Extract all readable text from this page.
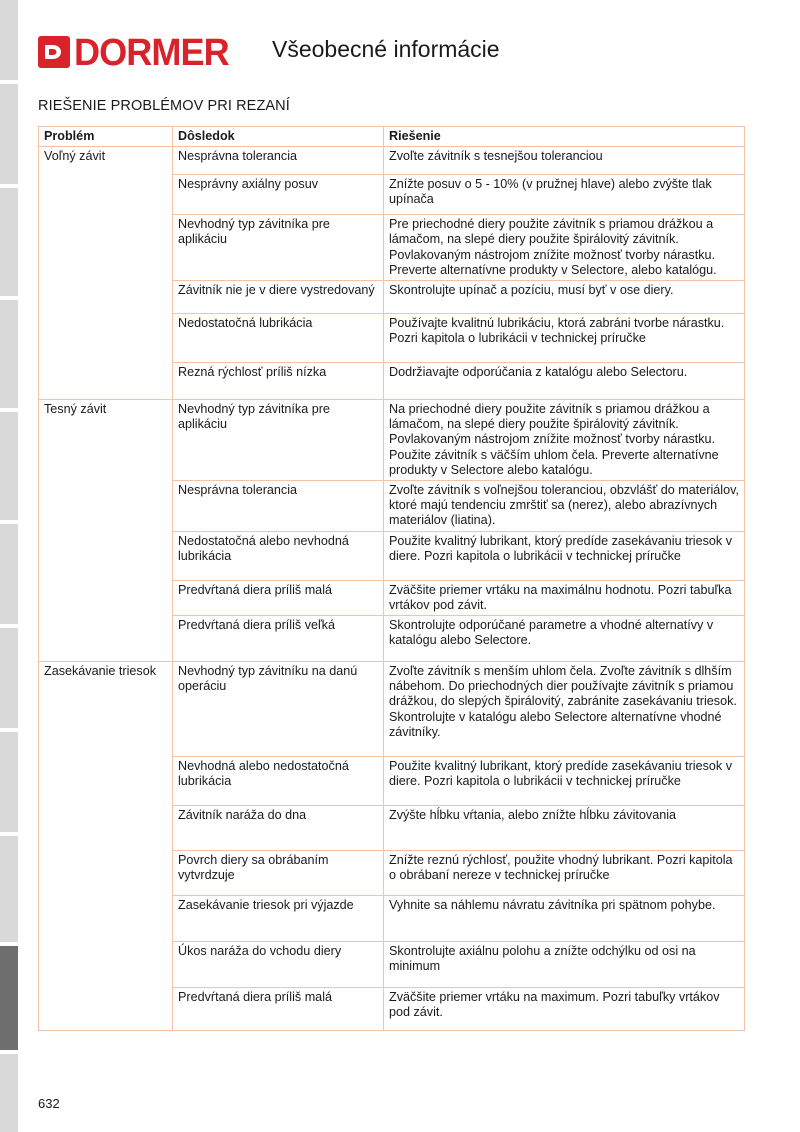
DORMER Všeobecné informácie
RIEŠENIE PROBLÉMOV PRI REZANÍ
Problém	Dôsledok	Riešenie
Voľný závit	Nesprávna tolerancia	Zvoľte závitník s tesnejšou toleranciou
	Nesprávny axiálny posuv	Znížte posuv o 5 - 10% (v pružnej hlave) alebo zvýšte tlak upínača
	Nevhodný typ závitníka pre aplikáciu	Pre priechodné diery použite závitník s priamou drážkou a lámačom, na slepé diery použite špirálovitý závitník. Povlakovaným nástrojom znížite možnosť tvorby nárastku. Preverte alternatívne produkty v Selectore, alebo katalógu.
	Závitník nie je v diere vystredovaný	Skontrolujte upínač a pozíciu, musí byť v ose diery.
	Nedostatočná lubrikácia	Používajte kvalitnú lubrikáciu, ktorá zabráni tvorbe nárastku. Pozri kapitola o lubrikácii v technickej príručke
	Rezná rýchlosť príliš nízka	Dodržiavajte odporúčania z katalógu alebo Selectoru.
Tesný závit	Nevhodný typ závitníka pre aplikáciu	Na priechodné diery použite závitník s priamou drážkou a lámačom, na slepé diery použite špirálovitý závitník. Povlakovaným nástrojom znížite možnosť tvorby nárastku. Použite závitník s väčším uhlom čela. Preverte alternatívne produkty v Selectore alebo katalógu.
	Nesprávna tolerancia	Zvoľte závitník s voľnejšou toleranciou, obzvlášť do materiálov, ktoré majú tendenciu zmrštiť sa (nerez), alebo abrazívnych materiálov (liatina).
	Nedostatočná alebo nevhodná lubrikácia	Použite kvalitný lubrikant, ktorý predíde zasekávaniu triesok v diere. Pozri kapitola o lubrikácii v technickej príručke
	Predvŕtaná diera príliš malá	Zväčšite priemer vrtáku na maximálnu hodnotu. Pozri tabuľka vrtákov pod závit.
	Predvŕtaná diera príliš veľká	Skontrolujte odporúčané parametre a vhodné alternatívy v katalógu alebo Selectore.
Zasekávanie triesok	Nevhodný typ závitníku na danú operáciu	Zvoľte závitník s menším uhlom čela. Zvoľte závitník s dlhším nábehom. Do priechodných dier používajte závitník s priamou drážkou, do slepých špirálovitý, zabránite zasekávaniu triesok. Skontrolujte v katalógu alebo Selectore alternatívne vhodné závitníky.
	Nevhodná alebo nedostatočná lubrikácia	Použite kvalitný lubrikant, ktorý predíde zasekávaniu triesok v diere. Pozri kapitola o lubrikácii v technickej príručke
	Závitník naráža do dna	Zvýšte hĺbku vŕtania, alebo znížte hĺbku závitovania
	Povrch diery sa obrábaním vytvrdzuje	Znížte reznú rýchlosť, použite vhodný lubrikant. Pozri kapitola o obrábaní nereze v technickej príručke
	Zasekávanie triesok pri výjazde	Vyhnite sa náhlemu návratu závitníka pri spätnom pohybe.
	Úkos naráža do vchodu diery	Skontrolujte axiálnu polohu a znížte odchýlku od osi na minimum
	Predvŕtaná diera príliš malá	Zväčšite priemer vrtáku na maximum. Pozri tabuľky vrtákov pod závit.
632
